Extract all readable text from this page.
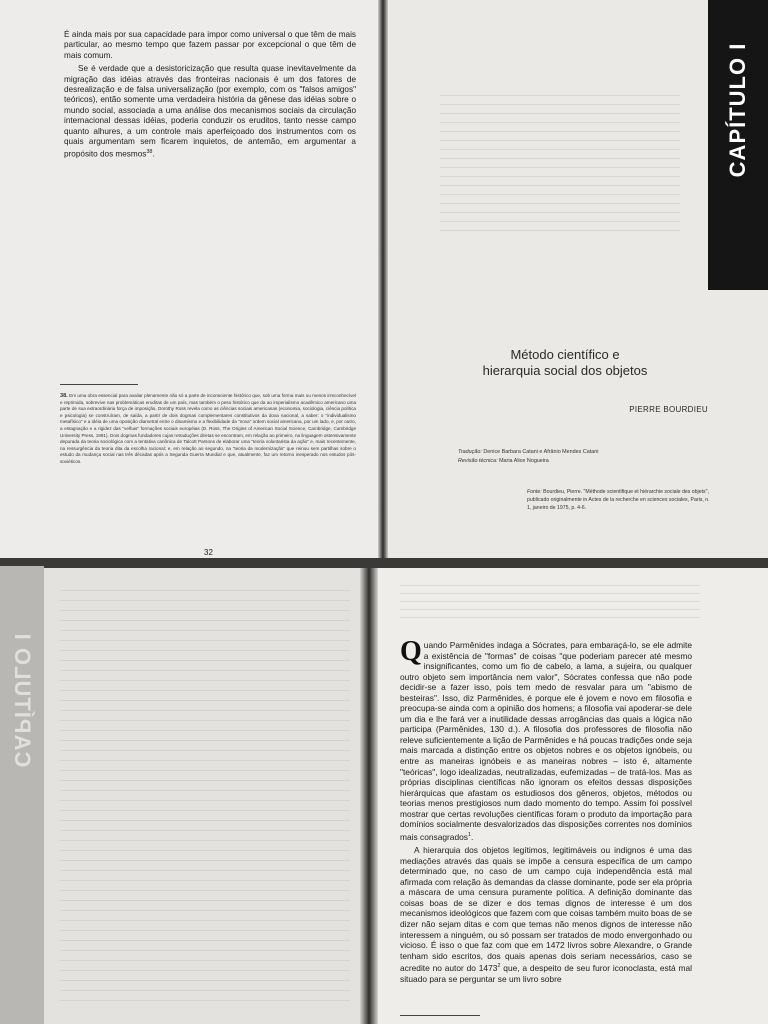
É ainda mais por sua capacidade para impor como universal o que têm de mais particular, ao mesmo tempo que fazem passar por excepcional o que têm de mais comum.

Se é verdade que a desistoricização que resulta quase inevitavelmente da migração das idéias através das fronteiras nacionais é um dos fatores de desrealização e de falsa universalização (por exemplo, com os "falsos amigos" teóricos), então somente uma verdadeira história da gênese das idéias sobre o mundo social, associada a uma análise dos mecanismos sociais da circulação internacional dessas idéias, poderia conduzir os eruditos, tanto nesse campo quanto alhures, a um controle mais aperfeiçoado dos instrumentos com os quais argumentam sem ficarem inquietos, de antemão, em argumentar a propósito dos mesmos$^{38}$.

38. Em uma obra essencial para avaliar plenamente não só a parte de inconsciente histórico que, sob uma forma mais ou menos irreconhecível e reprimida, sobrevive nas problemáticas eruditas de um país, mas também o peso histórico que da ao imperialismo acadêmico americano uma parte de sua extraordinária força de imposição, Dorothy Ross revela como as ciências sociais americanas (economia, sociologia, ciência política e psicologia) se construíram, de saída, a partir de dois dogmas complementares constitutivos da doxa nacional, a saber: o "individualismo metafísico" e a idéia de uma oposição diametral entre o dinamismo e a flexibilidade da "nova" ordem social americana, por um lado, e, por outro, a estagnação e a rigidez das "velhas" formações sociais européias (D. Ross, The Origins of American Social Science, Cambridge, Cambridge University Press, 1991). Dois dogmas fundadores cujas retraduções diretas se encontram, em relação ao primeiro, na linguagem ostensivamente depurada da teoria sociológica com a tentativa canônica de Talcott Parsons de elaborar uma "teoria voluntarista da ação" e, mais recentemente, na ressurgência da teoria dita da escolha racional; e, em relação ao segundo, na "teoria da modernização" que reinou sem partilhas sobre o estudo da mudança social nas três décadas após a Segunda Guerra Mundial e que, atualmente, faz um retorno inesperado nos estudos pós-soviéticos.
32
CAPÍTULO I
Método científico e
hierarquia social dos objetos
PIERRE BOURDIEU
Tradução: Denice Barbara Catani e Afrânio Mendes Catani
Revisão técnica: Maria Alice Nogueira
Fonte: Bourdieu, Pierre. "Méthode scientifique et hiérarchie sociale des objets", publicado originalmente in Actes de la recherche en sciences sociales, Paris, n. 1, janeiro de 1975, p. 4-6.
CAPÍTULO I	Quando Parmênides indaga a Sócrates, para embaraçá-lo, se ele admite a existência de "formas" de coisas "que poderiam parecer até mesmo insignificantes, como um fio de cabelo, a lama, a sujeira, ou qualquer outro objeto sem importância nem valor", Sócrates confessa que não pode decidir-se a fazer isso, pois tem medo de resvalar para um "abismo de besteiras". Isso, diz Parmênides, é porque ele é jovem e novo em filosofia e preocupa-se ainda com a opinião dos homens; a filosofia vai apoderar-se dele um dia e lhe fará ver a inutilidade dessas arrogâncias das quais a lógica não participa (Parmênides, 130 d.). A filosofia dos professores de filosofia não releve suficientemente a lição de Parmênides e há poucas tradições onde seja mais marcada a distinção entre os objetos nobres e os objetos ignóbeis, ou entre as maneiras ignóbeis e as maneiras nobres – isto é, altamente "teóricas", logo idealizadas, neutralizadas, eufemizadas – de tratá-los. Mas as próprias disciplinas científicas não ignoram os efeitos dessas disposições hierárquicas que afastam os estudiosos dos gêneros, objetos, métodos ou teorias menos prestigiosos num dado momento do tempo. Assim foi possível mostrar que certas revoluções científicas foram o produto da importação para domínios socialmente desvalorizados das disposições correntes nos domínios mais consagrados$^1$.

A hierarquia dos objetos legítimos, legitimáveis ou indignos é uma das mediações através das quais se impõe a censura específica de um campo determinado que, no caso de um campo cuja independência está mal afirmada com relação às demandas da classe dominante, pode ser ela própria a máscara de uma censura puramente política. A definição dominante das coisas boas de se dizer e dos temas dignos de interesse é um dos mecanismos ideológicos que fazem com que coisas também muito boas de se dizer não sejam ditas e com que temas não menos dignos de interesse não interessem a ninguém, ou só possam ser tratados de modo envergonhado ou vicioso. É isso o que faz com que em 1472 livros sobre Alexandre, o Grande tenham sido escritos, dos quais apenas dois seriam necessários, caso se acredite no autor do 1473$^2$ que, a despeito de seu furor iconoclasta, está mal situado para se perguntar se um livro sobre
